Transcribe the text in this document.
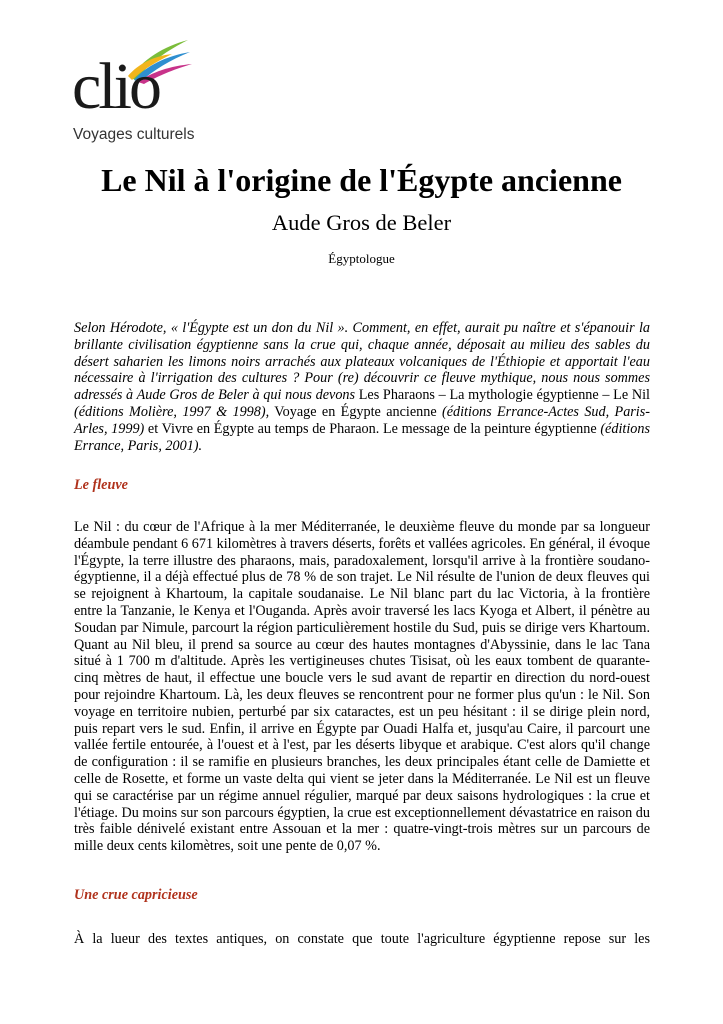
clio
Voyages culturels
Le Nil à l'origine de l'Égypte ancienne

Aude Gros de Beler

Égyptologue

Selon Hérodote, « l'Égypte est un don du Nil ». Comment, en effet, aurait pu naître et s'épanouir la brillante civilisation égyptienne sans la crue qui, chaque année, déposait au milieu des sables du désert saharien les limons noirs arrachés aux plateaux volcaniques de l'Éthiopie et apportait l'eau nécessaire à l'irrigation des cultures ? Pour (re) découvrir ce fleuve mythique, nous nous sommes adressés à Aude Gros de Beler à qui nous devons Les Pharaons – La mythologie égyptienne – Le Nil (éditions Molière, 1997 & 1998), Voyage en Égypte ancienne (éditions Errance-Actes Sud, Paris-Arles, 1999) et Vivre en Égypte au temps de Pharaon. Le message de la peinture égyptienne (éditions Errance, Paris, 2001).

Le fleuve

Le Nil : du cœur de l'Afrique à la mer Méditerranée, le deuxième fleuve du monde par sa longueur déambule pendant 6 671 kilomètres à travers déserts, forêts et vallées agricoles. En général, il évoque l'Égypte, la terre illustre des pharaons, mais, paradoxalement, lorsqu'il arrive à la frontière soudano-égyptienne, il a déjà effectué plus de 78 % de son trajet. Le Nil résulte de l'union de deux fleuves qui se rejoignent à Khartoum, la capitale soudanaise. Le Nil blanc part du lac Victoria, à la frontière entre la Tanzanie, le Kenya et l'Ouganda. Après avoir traversé les lacs Kyoga et Albert, il pénètre au Soudan par Nimule, parcourt la région particulièrement hostile du Sud, puis se dirige vers Khartoum. Quant au Nil bleu, il prend sa source au cœur des hautes montagnes d'Abyssinie, dans le lac Tana situé à 1 700 m d'altitude. Après les vertigineuses chutes Tisisat, où les eaux tombent de quarante-cinq mètres de haut, il effectue une boucle vers le sud avant de repartir en direction du nord-ouest pour rejoindre Khartoum. Là, les deux fleuves se rencontrent pour ne former plus qu'un : le Nil. Son voyage en territoire nubien, perturbé par six cataractes, est un peu hésitant : il se dirige plein nord, puis repart vers le sud. Enfin, il arrive en Égypte par Ouadi Halfa et, jusqu'au Caire, il parcourt une vallée fertile entourée, à l'ouest et à l'est, par les déserts libyque et arabique. C'est alors qu'il change de configuration : il se ramifie en plusieurs branches, les deux principales étant celle de Damiette et celle de Rosette, et forme un vaste delta qui vient se jeter dans la Méditerranée. Le Nil est un fleuve qui se caractérise par un régime annuel régulier, marqué par deux saisons hydrologiques : la crue et l'étiage. Du moins sur son parcours égyptien, la crue est exceptionnellement dévastatrice en raison du très faible dénivelé existant entre Assouan et la mer : quatre-vingt-trois mètres sur un parcours de mille deux cents kilomètres, soit une pente de 0,07 %.

Une crue capricieuse

À la lueur des textes antiques, on constate que toute l'agriculture égyptienne repose sur les
